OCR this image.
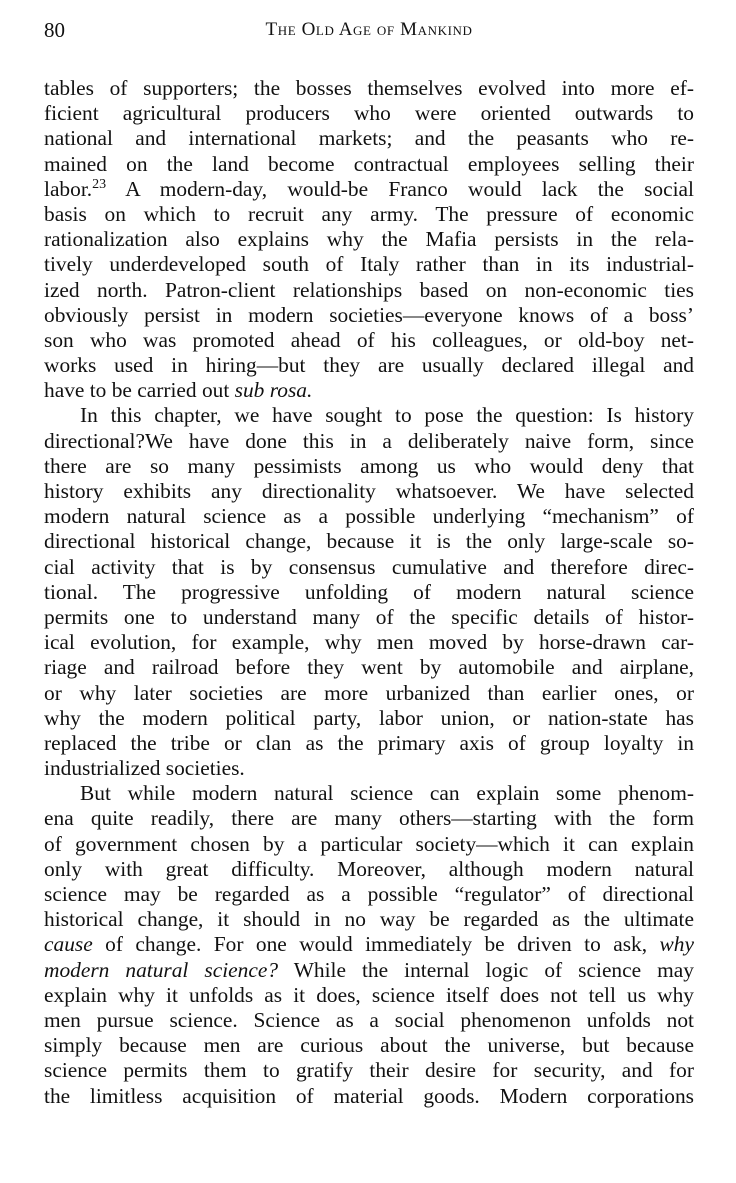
80	The Old Age of Mankind
tables of supporters; the bosses themselves evolved into more ef-
ficient agricultural producers who were oriented outwards to
national and international markets; and the peasants who re-
mained on the land become contractual employees selling their
labor.$^{23}$ A modern-day, would-be Franco would lack the social
basis on which to recruit any army. The pressure of economic
rationalization also explains why the Mafia persists in the rela-
tively underdeveloped south of Italy rather than in its industrial-
ized north. Patron-client relationships based on non-economic ties
obviously persist in modern societies—everyone knows of a boss’
son who was promoted ahead of his colleagues, or old-boy net-
works used in hiring—but they are usually declared illegal and
have to be carried out sub rosa.
In this chapter, we have sought to pose the question: Is history
directional?We have done this in a deliberately naive form, since
there are so many pessimists among us who would deny that
history exhibits any directionality whatsoever. We have selected
modern natural science as a possible underlying “mechanism” of
directional historical change, because it is the only large-scale so-
cial activity that is by consensus cumulative and therefore direc-
tional. The progressive unfolding of modern natural science
permits one to understand many of the specific details of histor-
ical evolution, for example, why men moved by horse-drawn car-
riage and railroad before they went by automobile and airplane,
or why later societies are more urbanized than earlier ones, or
why the modern political party, labor union, or nation-state has
replaced the tribe or clan as the primary axis of group loyalty in
industrialized societies.
But while modern natural science can explain some phenom-
ena quite readily, there are many others—starting with the form
of government chosen by a particular society—which it can explain
only with great difficulty. Moreover, although modern natural
science may be regarded as a possible “regulator” of directional
historical change, it should in no way be regarded as the ultimate
cause of change. For one would immediately be driven to ask, why
modern natural science? While the internal logic of science may
explain why it unfolds as it does, science itself does not tell us why
men pursue science. Science as a social phenomenon unfolds not
simply because men are curious about the universe, but because
science permits them to gratify their desire for security, and for
the limitless acquisition of material goods. Modern corporations
